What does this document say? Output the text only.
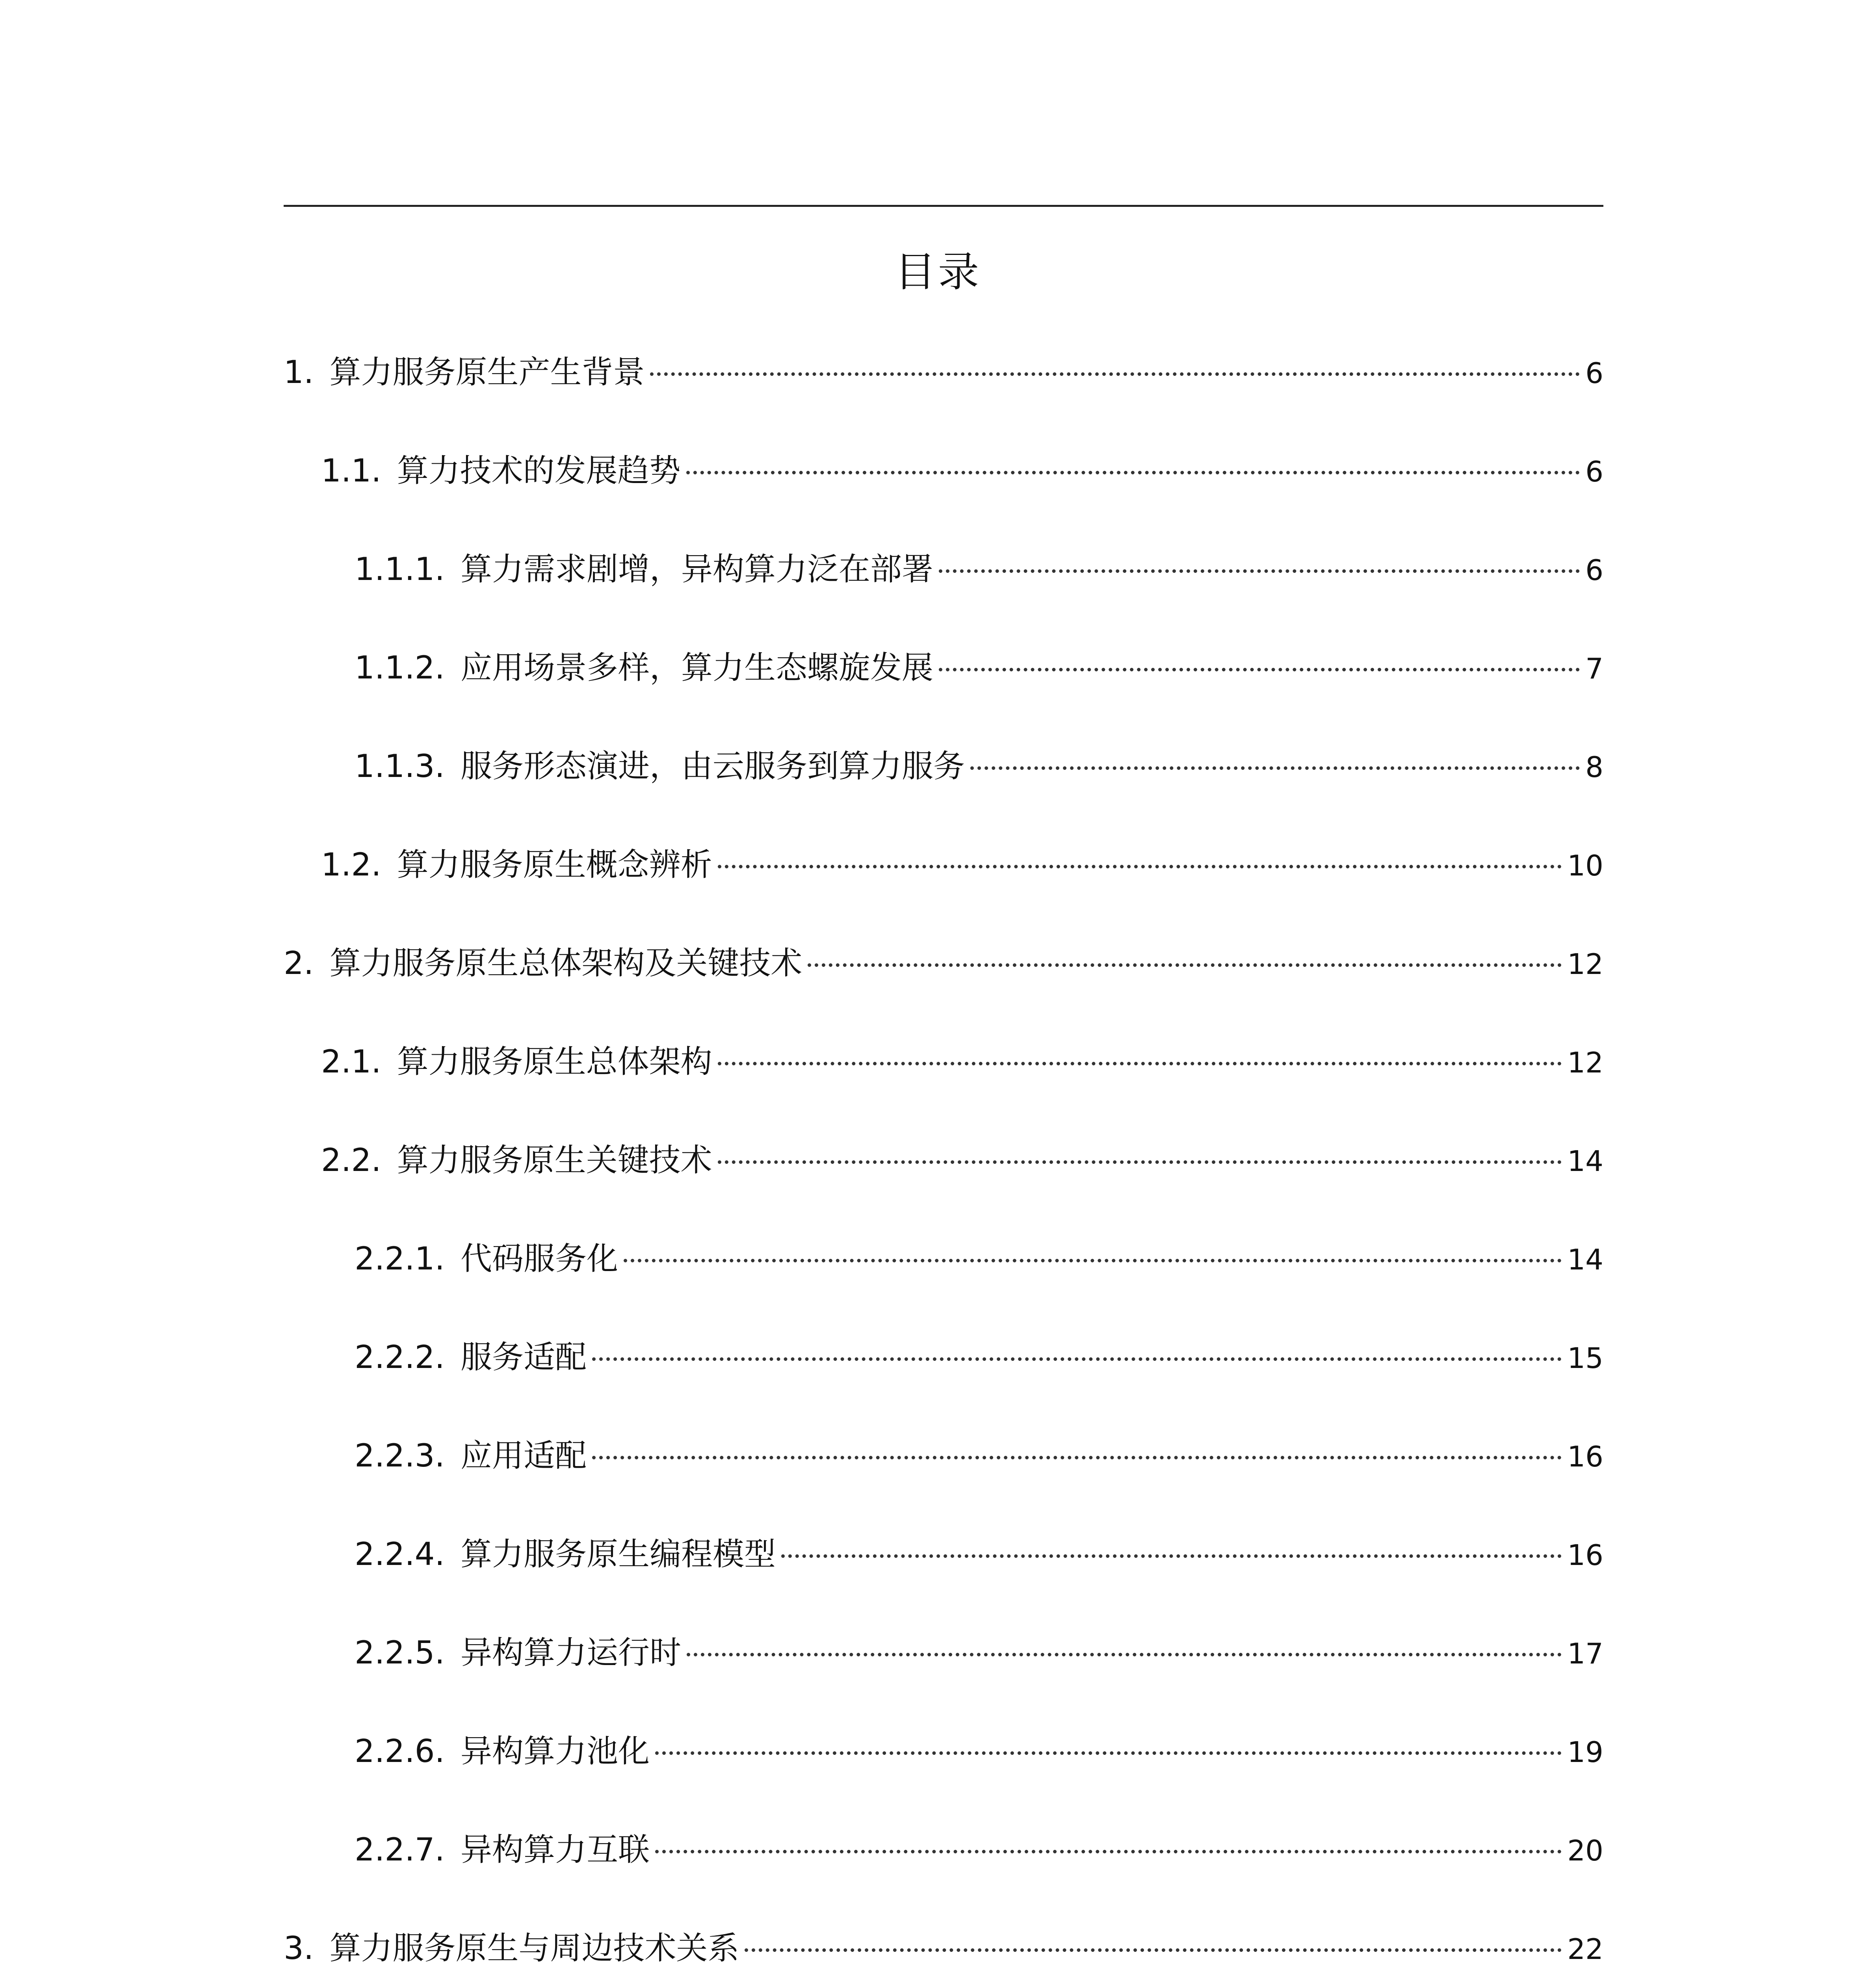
目录
1. 算力服务原生产生背景	6
1.1. 算力技术的发展趋势	6
1.1.1. 算力需求剧增，异构算力泛在部署	6
1.1.2. 应用场景多样，算力生态螺旋发展	7
1.1.3. 服务形态演进，由云服务到算力服务	8
1.2. 算力服务原生概念辨析	10
2. 算力服务原生总体架构及关键技术	12
2.1. 算力服务原生总体架构	12
2.2. 算力服务原生关键技术	14
2.2.1. 代码服务化	14
2.2.2. 服务适配	15
2.2.3. 应用适配	16
2.2.4. 算力服务原生编程模型	16
2.2.5. 异构算力运行时	17
2.2.6. 异构算力池化	19
2.2.7. 异构算力互联	20
3. 算力服务原生与周边技术关系	22
